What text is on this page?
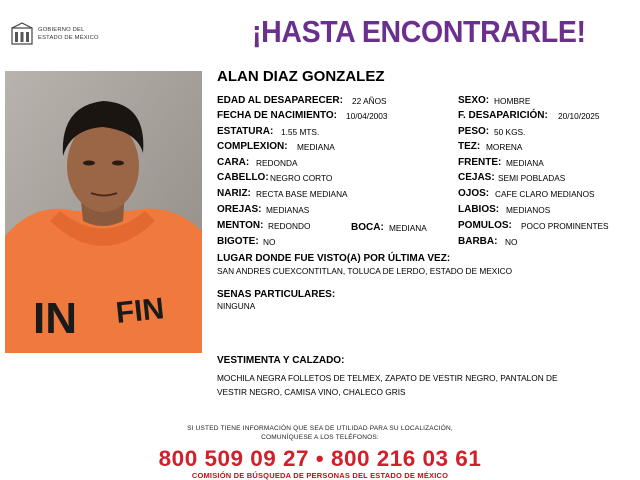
GOBIERNO DEL
ESTADO DE MÉXICO	¡HASTA ENCONTRARLE!
IN FIN
ALAN DIAZ GONZALEZ
EDAD AL DESAPARECER: 22 AÑOS	SEXO: HOMBRE
FECHA DE NACIMIENTO: 10/04/2003	F. DESAPARICIÓN: 20/10/2025
ESTATURA: 1.55 MTS.	PESO: 50 KGS.
COMPLEXION: MEDIANA	TEZ: MORENA
CARA: REDONDA	FRENTE: MEDIANA
CABELLO: NEGRO CORTO	CEJAS: SEMI POBLADAS
NARIZ: RECTA BASE MEDIANA	OJOS: CAFE CLARO MEDIANOS
OREJAS: MEDIANAS	LABIOS: MEDIANOS
MENTON: REDONDO	BOCA: MEDIANA	POMULOS: POCO PROMINENTES
BIGOTE: NO	BARBA: NO
LUGAR DONDE FUE VISTO(A) POR ÚLTIMA VEZ:
SAN ANDRES CUEXCONTITLAN, TOLUCA DE LERDO, ESTADO DE MEXICO
SENAS PARTICULARES:
NINGUNA
VESTIMENTA Y CALZADO:
MOCHILA NEGRA FOLLETOS DE TELMEX, ZAPATO DE VESTIR NEGRO, PANTALON DE
VESTIR NEGRO, CAMISA VINO, CHALECO GRIS
SI USTED TIENE INFORMACIÓN QUE SEA DE UTILIDAD PARA SU LOCALIZACIÓN,
COMUNÍQUESE A LOS TELÉFONOS:
800 509 09 27 • 800 216 03 61
COMISIÓN DE BÚSQUEDA DE PERSONAS DEL ESTADO DE MÉXICO
